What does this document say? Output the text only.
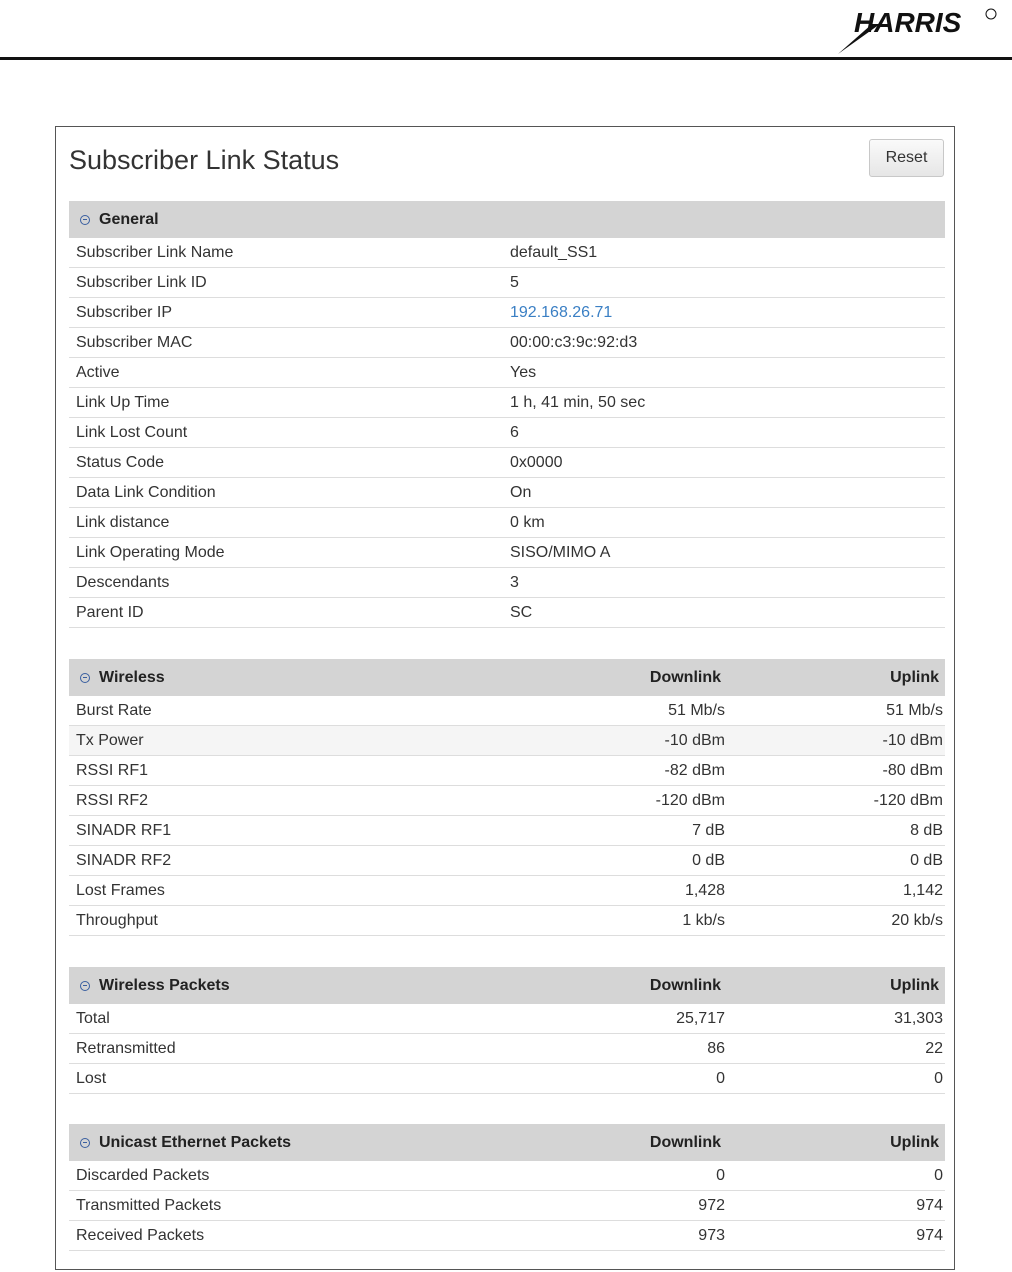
HARRIS
Subscriber Link Status	Reset
General
Subscriber Link Name	default_SS1
Subscriber Link ID	5
Subscriber IP	192.168.26.71
Subscriber MAC	00:00:c3:9c:92:d3
Active	Yes
Link Up Time	1 h, 41 min, 50 sec
Link Lost Count	6
Status Code	0x0000
Data Link Condition	On
Link distance	0 km
Link Operating Mode	SISO/MIMO A
Descendants	3
Parent ID	SC
Wireless	Downlink	Uplink
Burst Rate	51 Mb/s	51 Mb/s
Tx Power	-10 dBm	-10 dBm
RSSI RF1	-82 dBm	-80 dBm
RSSI RF2	-120 dBm	-120 dBm
SINADR RF1	7 dB	8 dB
SINADR RF2	0 dB	0 dB
Lost Frames	1,428	1,142
Throughput	1 kb/s	20 kb/s
Wireless Packets	Downlink	Uplink
Total	25,717	31,303
Retransmitted	86	22
Lost	0	0
Unicast Ethernet Packets	Downlink	Uplink
Discarded Packets	0	0
Transmitted Packets	972	974
Received Packets	973	974
